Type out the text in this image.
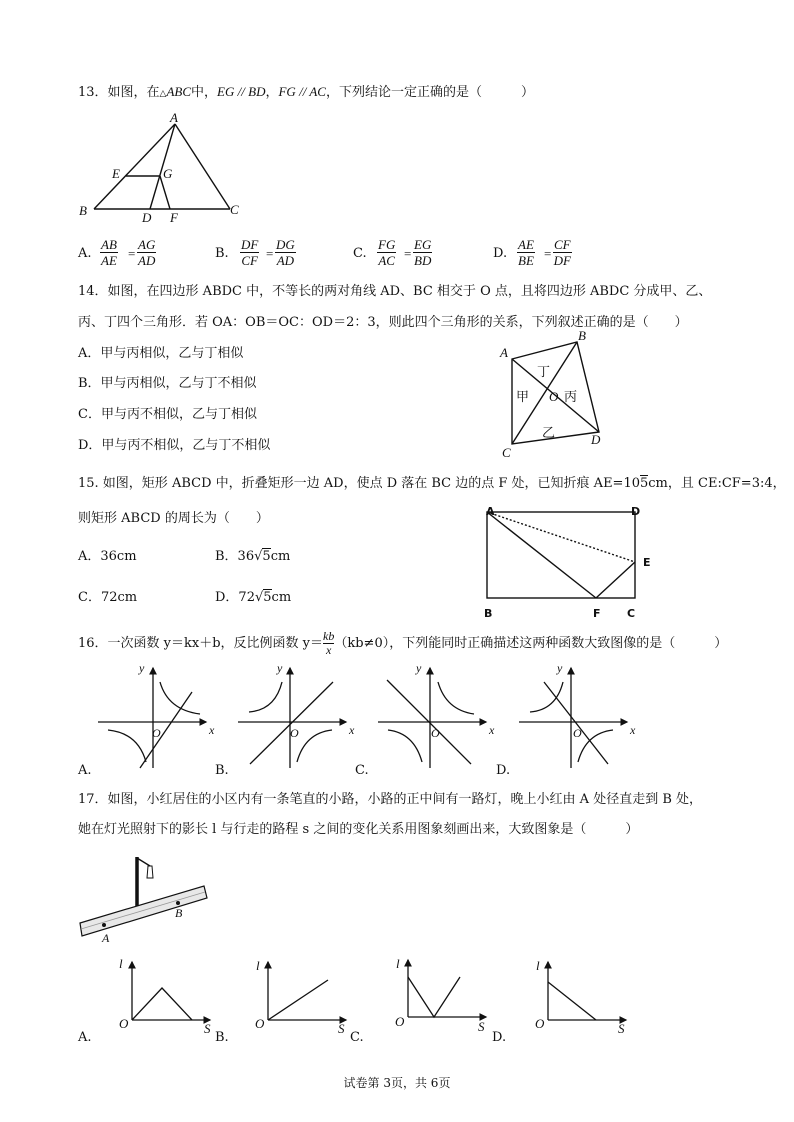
13．如图，在△ABC中，EG // BD，FG // AC，下列结论一定正确的是（　　　）
A
E	G
B	D F
C
A. $\frac{AB}{AE} = \frac{AG}{AD}$	B. $\frac{DF}{CF} = \frac{DG}{AD}$	C. $\frac{FG}{AC} = \frac{EG}{BD}$	D. $\frac{AE}{BE} = \frac{CF}{DF}$
14．如图，在四边形 ABDC 中，不等长的两对角线 AD、BC 相交于 O 点，且将四边形 ABDC 分成甲、乙、
丙、丁四个三角形．若 OA：OB＝OC：OD＝2：3，则此四个三角形的关系，下列叙述正确的是（　　）
A．甲与丙相似，乙与丁相似
B．甲与丙相似，乙与丁不相似
C．甲与丙不相似，乙与丁相似
D．甲与丙不相似，乙与丁不相似
A
B
C
D
O
丁
甲	丙
乙
15. 如图，矩形 ABCD 中，折叠矩形一边 AD，使点 D 落在 BC 边的点 F 处，已知折痕 AE=105cm，且 CE:CF=3:4，
则矩形 ABCD 的周长为（　　）
A．36cm	B．36√5cm
C．72cm	D．72√5cm
A	D
E
B	F C
16．一次函数 y＝kx＋b，反比例函数 $y= \frac{kb}{x} (kb\ne 0)$，下列能同时正确描述这两种函数大致图像的是（　　　）
y
x
O
y
x
O
y
x
O
y
x
O
A.	B.	C.	D.
17．如图，小红居住的小区内有一条笔直的小路，小路的正中间有一路灯，晚上小红由 A 处径直走到 B 处，
她在灯光照射下的影长 l 与行走的路程 s 之间的变化关系用图象刻画出来，大致图象是（　　　）
A
B
l
S
O
l
S
O
l
S
O
l
S
O
A.	B.	C.	D.
试卷第 3页，共 6页
